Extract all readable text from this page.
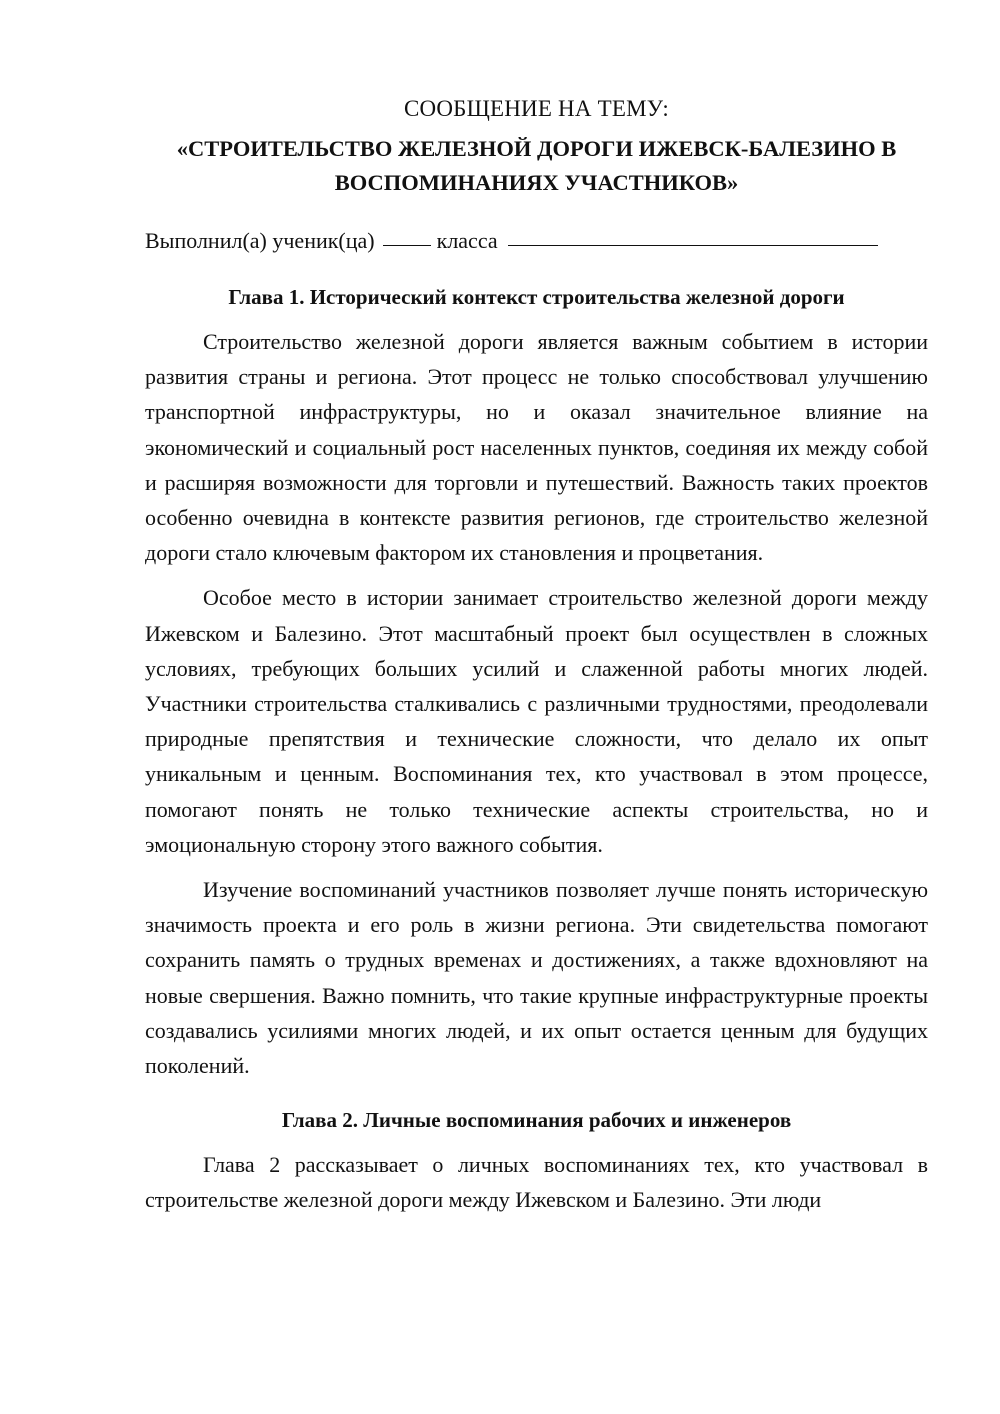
СООБЩЕНИЕ НА ТЕМУ:
«СТРОИТЕЛЬСТВО ЖЕЛЕЗНОЙ ДОРОГИ ИЖЕВСК-БАЛЕЗИНО В ВОСПОМИНАНИЯХ УЧАСТНИКОВ»
Выполнил(а) ученик(ца)	класса
Глава 1. Исторический контекст строительства железной дороги

Строительство железной дороги является важным событием в истории развития страны и региона. Этот процесс не только способствовал улучшению транспортной инфраструктуры, но и оказал значительное влияние на экономический и социальный рост населенных пунктов, соединяя их между собой и расширяя возможности для торговли и путешествий. Важность таких проектов особенно очевидна в контексте развития регионов, где строительство железной дороги стало ключевым фактором их становления и процветания.

Особое место в истории занимает строительство железной дороги между Ижевском и Балезино. Этот масштабный проект был осуществлен в сложных условиях, требующих больших усилий и слаженной работы многих людей. Участники строительства сталкивались с различными трудностями, преодолевали природные препятствия и технические сложности, что делало их опыт уникальным и ценным. Воспоминания тех, кто участвовал в этом процессе, помогают понять не только технические аспекты строительства, но и эмоциональную сторону этого важного события.

Изучение воспоминаний участников позволяет лучше понять историческую значимость проекта и его роль в жизни региона. Эти свидетельства помогают сохранить память о трудных временах и достижениях, а также вдохновляют на новые свершения. Важно помнить, что такие крупные инфраструктурные проекты создавались усилиями многих людей, и их опыт остается ценным для будущих поколений.

Глава 2. Личные воспоминания рабочих и инженеров

Глава 2 рассказывает о личных воспоминаниях тех, кто участвовал в строительстве железной дороги между Ижевском и Балезино. Эти люди
